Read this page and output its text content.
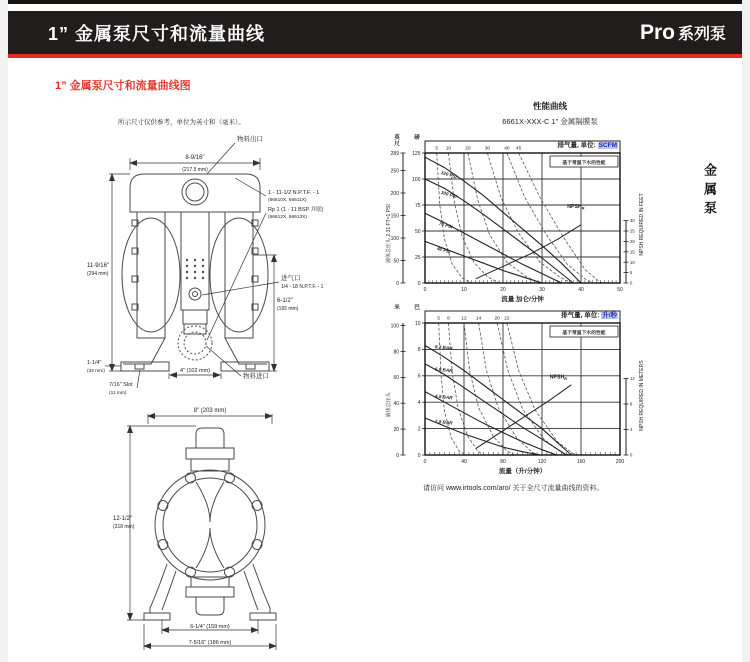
1” 金属泵尺寸和流量曲线	Pro 系列泵
1” 金属泵尺寸和流量曲线图
金属泵
性能曲线
6661X-XXX-C 1” 金属隔膜泵
5 10	20	30	40 45
120 PSI
100 PSI
70 PSI
40 PSI
$NPSH_R$
基于常温下水的性能
0
25
50
75
100
125
289
250
200
150
100
50
0
英
尺
磅
0	10	20	30	40	50
流量 加仑/分钟
30
25
20
15
10
5
0
液体总压头 2.31 FT=1 PSI	NPSH REQUIRED IN FEET
排气量, 单位: SCFM
5 8 12 14	20 22
8.3 BAR
6.9 BAR
4.8 BAR
2.8 BAR
$NPSH_R$
基于常温下水的性能
0
2
4
6
8
10
100
80
60
40
20
0
米	巴
0	40	80	120	160	200
流量（升/分钟）
12
8
4
0
液体总压头	NPSH REQUIRED IN METERS
排气量, 单位: 升/秒
请访问 www.irtools.com/aro/ 关于全尺寸流量曲线的资料。
所示尺寸仅供参考，单位为英寸和（毫米）。
物料出口
8-9/16"
(217.5 mm)
11-9/16"
(294 mm)
1 - 11-1/2 N.P.T.F. - 1
(66610X, 66611X)
Rp 1 (1 - 11 BSP 并联)
(66612X, 66613X)
进气口
1/4 - 18 N.P.T.F. - 1
6-1/2"
(165 mm)
4" (102 mm)
物料进口
1-1/4"
(32 mm)
7/16" Slot
(11 mm)
8" (203 mm)
12-1/2"
(318 mm)
6-1/4" (159 mm)
7-5/16" (186 mm)
